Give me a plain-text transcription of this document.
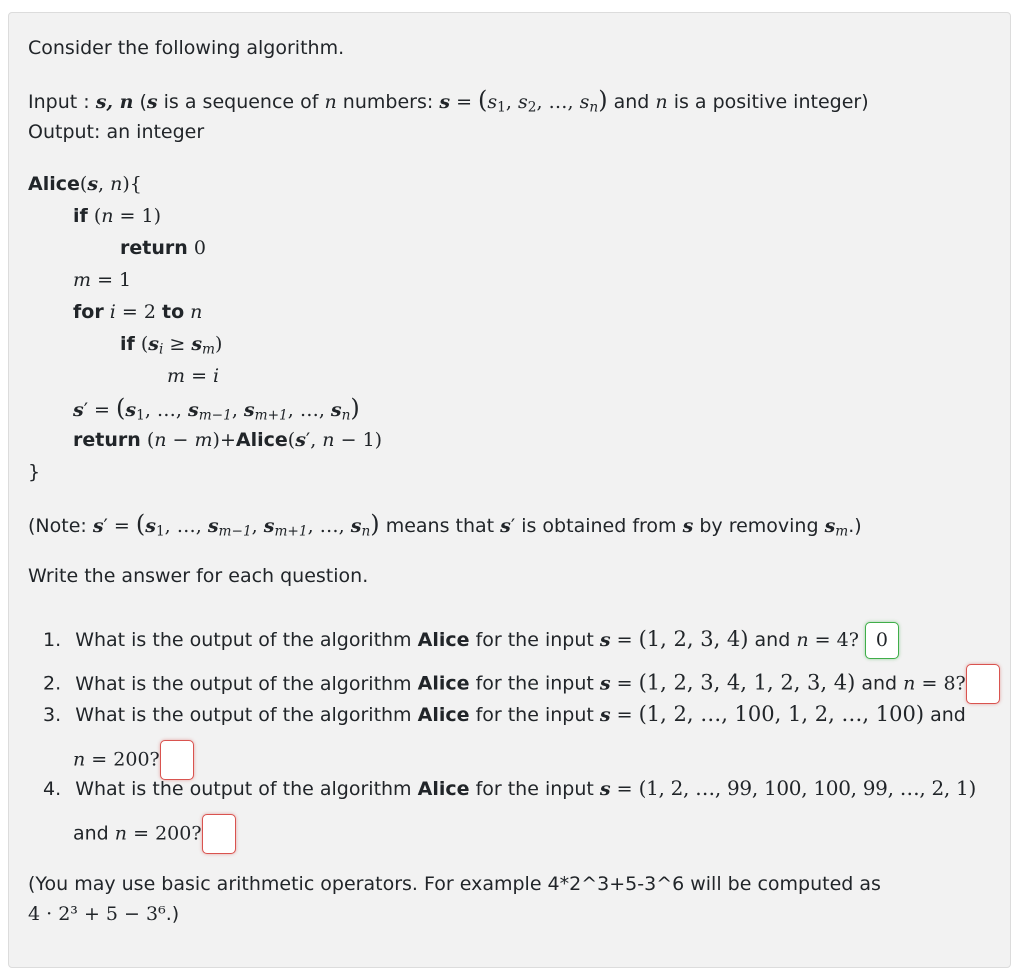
Consider the following algorithm.
Input : s, n (s is a sequence of n numbers: $s = (s_1$, $s_2$, …, $s_n$) and n is a positive integer)
Output: an integer
Alice(s, n){
if (n = 1)
return 0
m = 1
for i = 2 to n
if $(s_i \ge s_m)$
m = i
$s' = (s_1$, …, $s_{m-1}$, $s_{m+1}$, …, $s_n$)
return (n − m)+Alice(s′, n − 1)
}
(Note: $s' = (s_1$, …, $s_{m-1}$, $s_{m+1}$, …, $s_n$) means that s′ is obtained from s by removing $s_m$.)
Write the answer for each question.
1. What is the output of the algorithm Alice for the input s = (1, 2, 3, 4) and n = 4? 0
2. What is the output of the algorithm Alice for the input s = (1, 2, 3, 4, 1, 2, 3, 4) and n = 8?
3. What is the output of the algorithm Alice for the input s = (1, 2, …, 100, 1, 2, …, 100) and
n = 200?
4. What is the output of the algorithm Alice for the input s = (1, 2, …, 99, 100, 100, 99, …, 2, 1)
and n = 200?
(You may use basic arithmetic operators. For example 4*2^3+5-3^6 will be computed as
4 · 2³ + 5 − 3⁶.)
